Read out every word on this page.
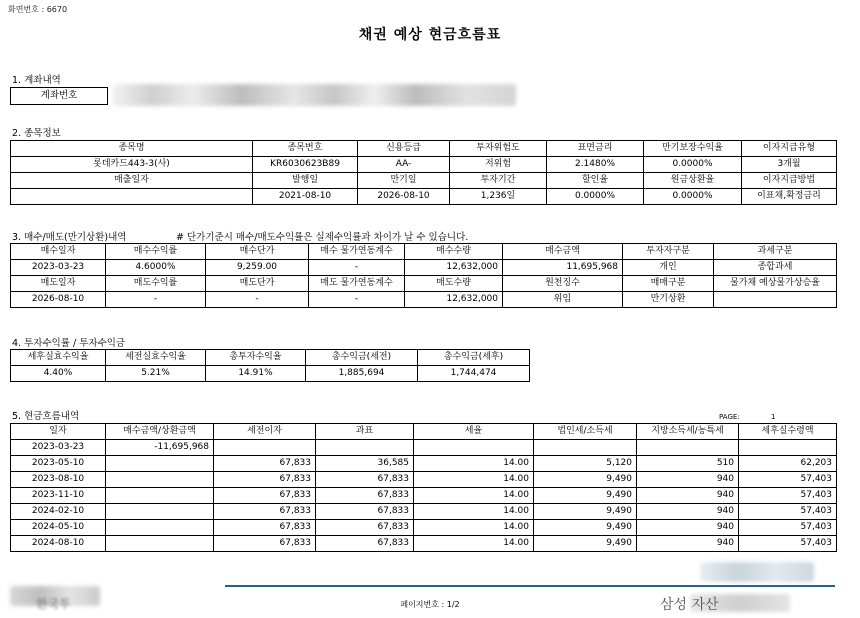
화면번호 : 6670
채권 예상 현금흐름표
1. 계좌내역
계좌번호
2. 종목정보
종목명	종목번호	신용등급	투자위험도	표면금리	만기보장수익율	이자지급유형
롯데카드443-3(사)	KR6030623B89	AA-	저위험	2.1480%	0.0000%	3개월
매출일자	발행일	만기일	투자기간	할인율	원금상환율	이자지급방법
	2021-08-10	2026-08-10	1,236일	0.0000%	0.0000%	이표채,확정금리
3. 매수/매도(만기상환)내역	# 단가기준시 매수/매도수익률은 실제수익률과 차이가 날 수 있습니다.
매수일자	매수수익률	매수단가	매수 물가연동계수	매수수량	매수금액	투자자구분	과세구분
2023-03-23	4.6000%	9,259.00	-	12,632,000	11,695,968	개인	종합과세
매도일자	매도수익률	매도단가	매도 물가연동계수	매도수량	원천징수	매매구분	물가채 예상물가상승율
2026-08-10	-	-	-	12,632,000	위임	만기상환	
4. 투자수익률 / 투자수익금
세후실효수익율	세전실효수익율	총투자수익율	총수익금(세전)	총수익금(세후)
4.40%	5.21%	14.91%	1,885,694	1,744,474
5. 현금흐름내역	PAGE:	1
일자	매수금액/상환금액	세전이자	과표	세율	법인세/소득세	지방소득세/농특세	세후실수령액
2023-03-23	-11,695,968						
2023-05-10		67,833	36,585	14.00	5,120	510	62,203
2023-08-10		67,833	67,833	14.00	9,490	940	57,403
2023-11-10		67,833	67,833	14.00	9,490	940	57,403
2024-02-10		67,833	67,833	14.00	9,490	940	57,403
2024-05-10		67,833	67,833	14.00	9,490	940	57,403
2024-08-10		67,833	67,833	14.00	9,490	940	57,403
한국투	페이지번호 : 1/2	삼성 자산
